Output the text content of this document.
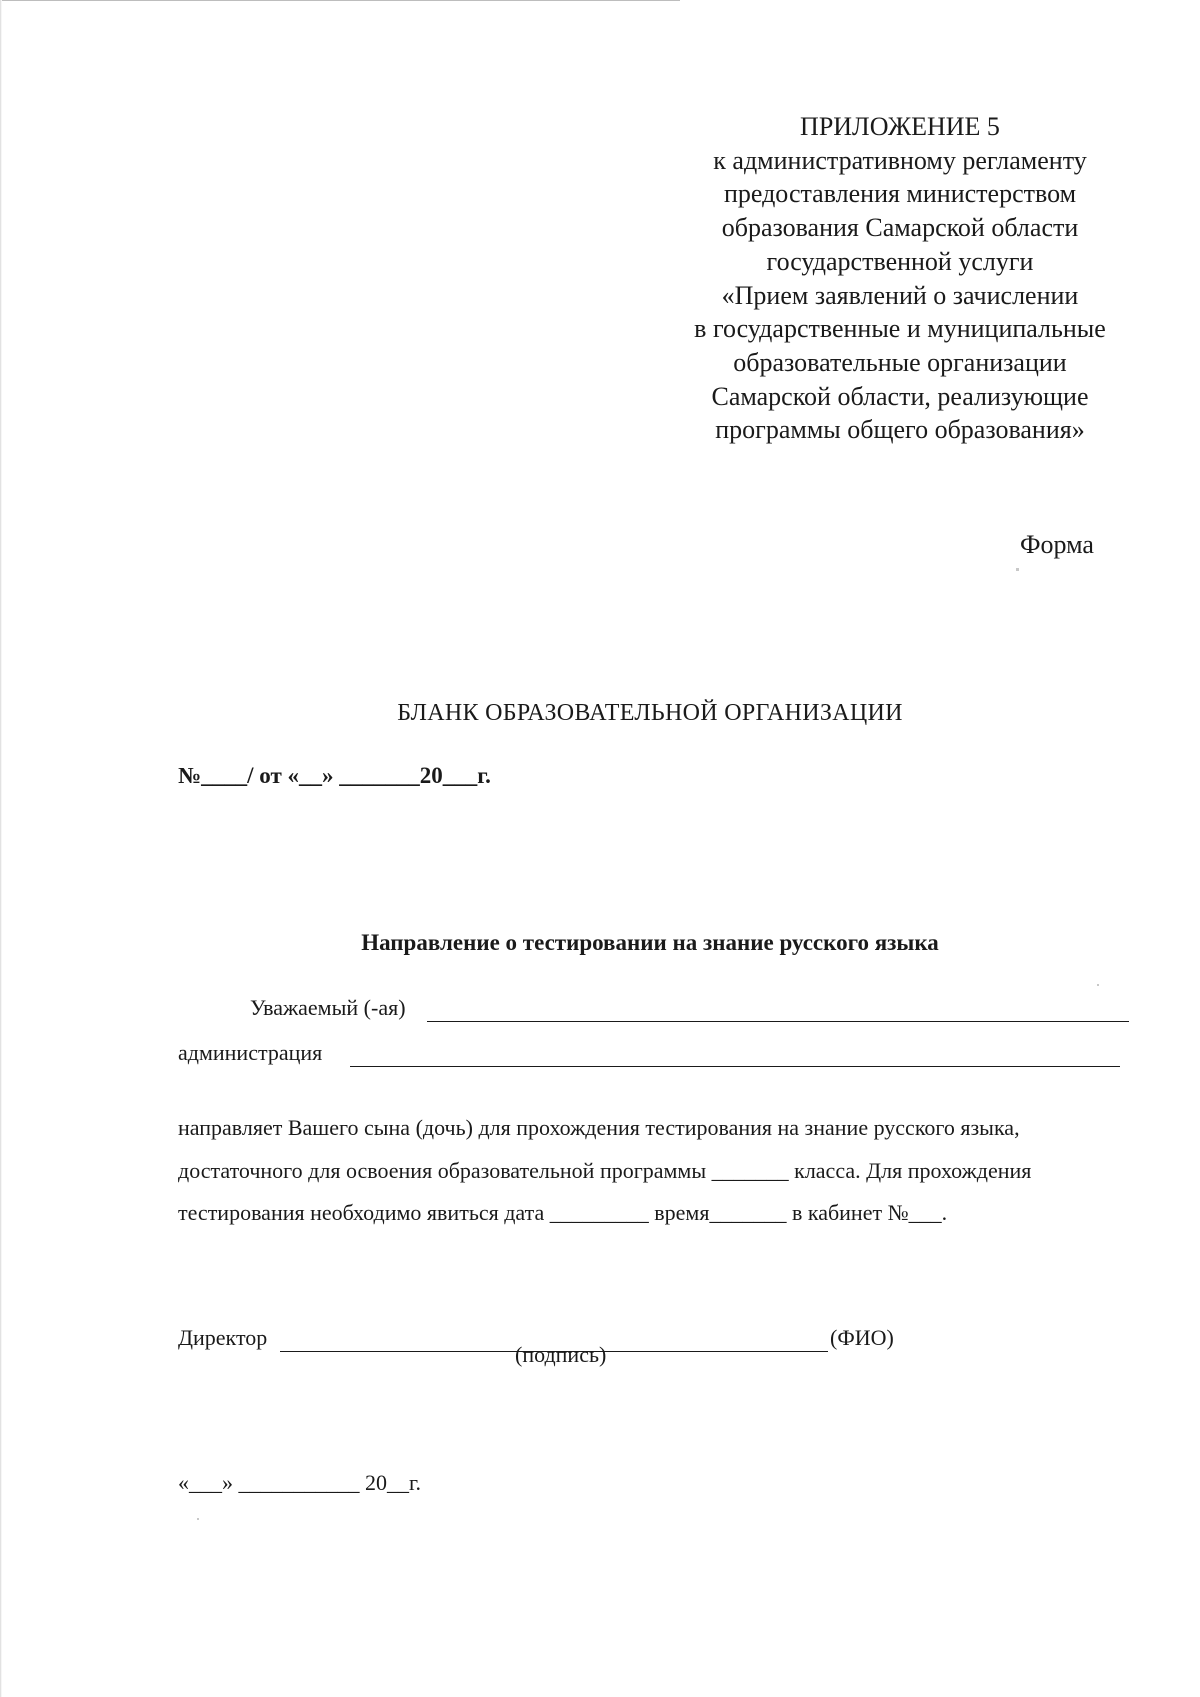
ПРИЛОЖЕНИЕ 5
к административному регламенту
предоставления министерством
образования Самарской области
государственной услуги
«Прием заявлений о зачислении
в государственные и муниципальные
образовательные организации
Самарской области, реализующие
программы общего образования»
Форма
БЛАНК ОБРАЗОВАТЕЛЬНОЙ ОРГАНИЗАЦИИ
№____/ от «__» _______20___г.
Направление о тестировании на знание русского языка
Уважаемый (-ая)
администрация
направляет Вашего сына (дочь) для прохождения тестирования на знание русского языка,
достаточного для освоения образовательной программы _______ класса. Для прохождения
тестирования необходимо явиться дата _________ время_______ в кабинет №___.
Директор	(ФИО)
(подпись)
«___» ___________ 20__г.
